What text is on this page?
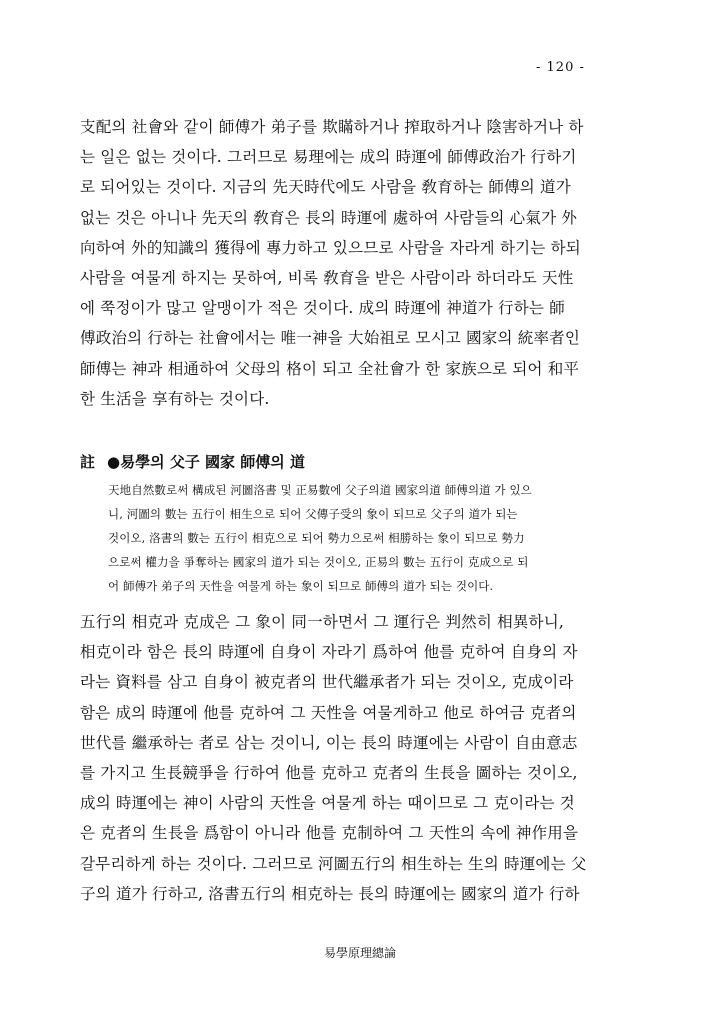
- 120 -
支配의 社會와 같이 師傅가 弟子를 欺瞞하거나 搾取하거나 陰害하거나 하
는 일은 없는 것이다. 그러므로 易理에는 成의 時運에 師傅政治가 行하기
로 되어있는 것이다. 지금의 先天時代에도 사람을 敎育하는 師傅의 道가
없는 것은 아니나 先天의 敎育은 長의 時運에 處하여 사람들의 心氣가 外
向하여 外的知識의 獲得에 專力하고 있으므로 사람을 자라게 하기는 하되
사람을 여물게 하지는 못하여, 비록 敎育을 받은 사람이라 하더라도 天性
에 쭉정이가 많고 알맹이가 적은 것이다. 成의 時運에 神道가 行하는 師
傅政治의 行하는 社會에서는 唯一神을 大始祖로 모시고 國家의 統率者인
師傅는 神과 相通하여 父母의 格이 되고 全社會가 한 家族으로 되어 和平
한 生活을 享有하는 것이다.
註 ●易學의 父子 國家 師傅의 道
天地自然數로써 構成된 河圖洛書 및 正易數에 父子의道 國家의道 師傅의道 가 있으
니, 河圖의 數는 五行이 相生으로 되어 父傳子受의 象이 되므로 父子의 道가 되는
것이오, 洛書의 數는 五行이 相克으로 되어 勢力으로써 相勝하는 象이 되므로 勢力
으로써 權力을 爭奪하는 國家의 道가 되는 것이오, 正易의 數는 五行이 克成으로 되
어 師傅가 弟子의 天性을 여물게 하는 象이 되므로 師傅의 道가 되는 것이다.
五行의 相克과 克成은 그 象이 同一하면서 그 運行은 判然히 相異하니,
相克이라 함은 長의 時運에 自身이 자라기 爲하여 他를 克하여 自身의 자
라는 資料를 삼고 自身이 被克者의 世代繼承者가 되는 것이오, 克成이라
함은 成의 時運에 他를 克하여 그 天性을 여물게하고 他로 하여금 克者의
世代를 繼承하는 者로 삼는 것이니, 이는 長의 時運에는 사람이 自由意志
를 가지고 生長競爭을 行하여 他를 克하고 克者의 生長을 圖하는 것이오,
成의 時運에는 神이 사람의 天性을 여물게 하는 때이므로 그 克이라는 것
은 克者의 生長을 爲함이 아니라 他를 克制하여 그 天性의 속에 神作用을
갈무리하게 하는 것이다. 그러므로 河圖五行의 相生하는 生의 時運에는 父
子의 道가 行하고, 洛書五行의 相克하는 長의 時運에는 國家의 道가 行하
易學原理總論
